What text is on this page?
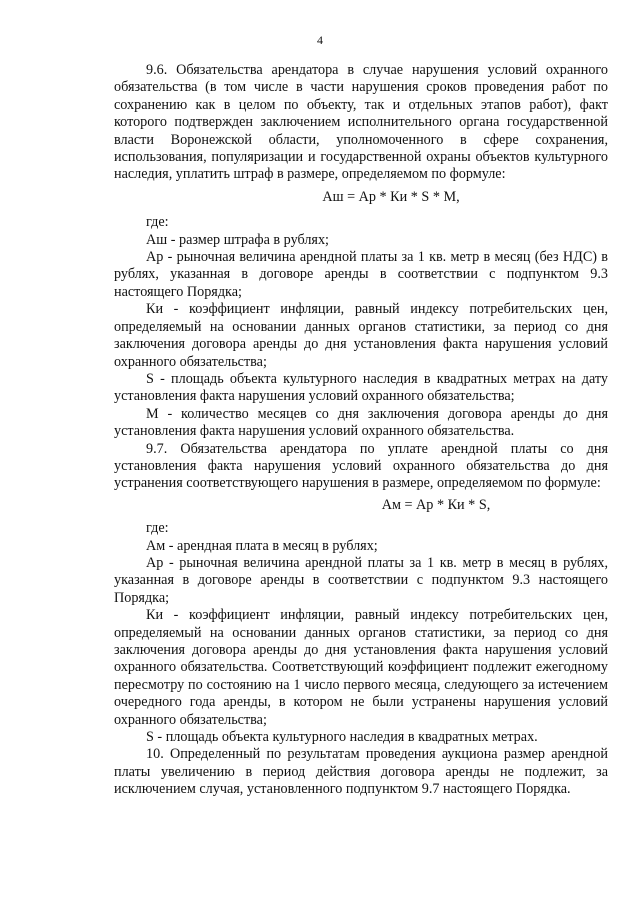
4

9.6. Обязательства арендатора в случае нарушения условий охранного обязательства (в том числе в части нарушения сроков проведения работ по сохранению как в целом по объекту, так и отдельных этапов работ), факт которого подтвержден заключением исполнительного органа государственной власти Воронежской области, уполномоченного в сфере сохранения, использования, популяризации и государственной охраны объектов культурного наследия, уплатить штраф в размере, определяемом по формуле:

Аш = Ар * Ки * S * М,

где:

Аш - размер штрафа в рублях;

Ар - рыночная величина арендной платы за 1 кв. метр в месяц (без НДС) в рублях, указанная в договоре аренды в соответствии с подпунктом 9.3 настоящего Порядка;

Ки - коэффициент инфляции, равный индексу потребительских цен, определяемый на основании данных органов статистики, за период со дня заключения договора аренды до дня установления факта нарушения условий охранного обязательства;

S - площадь объекта культурного наследия в квадратных метрах на дату установления факта нарушения условий охранного обязательства;

М - количество месяцев со дня заключения договора аренды до дня установления факта нарушения условий охранного обязательства.

9.7. Обязательства арендатора по уплате арендной платы со дня установления факта нарушения условий охранного обязательства до дня устранения соответствующего нарушения в размере, определяемом по формуле:

Ам = Ар * Ки * S,

где:

Ам - арендная плата в месяц в рублях;

Ар - рыночная величина арендной платы за 1 кв. метр в месяц в рублях, указанная в договоре аренды в соответствии с подпунктом 9.3 настоящего Порядка;

Ки - коэффициент инфляции, равный индексу потребительских цен, определяемый на основании данных органов статистики, за период со дня заключения договора аренды до дня установления факта нарушения условий охранного обязательства. Соответствующий коэффициент подлежит ежегодному пересмотру по состоянию на 1 число первого месяца, следующего за истечением очередного года аренды, в котором не были устранены нарушения условий охранного обязательства;

S - площадь объекта культурного наследия в квадратных метрах.

10. Определенный по результатам проведения аукциона размер арендной платы увеличению в период действия договора аренды не подлежит, за исключением случая, установленного подпунктом 9.7 настоящего Порядка.
